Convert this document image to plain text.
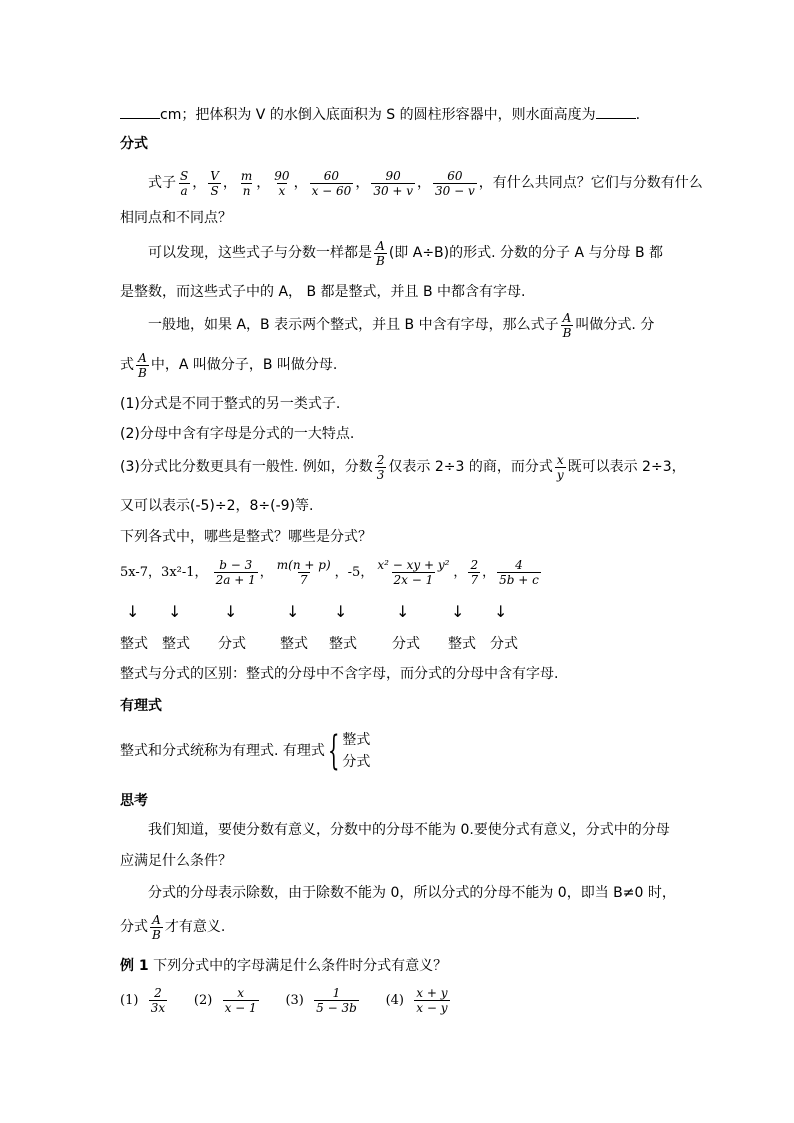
cm；把体积为 V 的水倒入底面积为 S 的圆柱形容器中，则水面高度为	.
分式
式子 $\frac{S}{a}$ ， $\frac{V}{S}$ ， $\frac{m}{n}$ ， $\frac{90}{x}$ ， $\frac{60}{x - 60}$ ， $\frac{90}{30 + v}$ ， $\frac{60}{30 - v}$ ，有什么共同点？它们与分数有什么
相同点和不同点？
可以发现，这些式子与分数一样都是 $\frac{A}{B}$ (即 A÷B)的形式. 分数的分子 A 与分母 B 都
是整数，而这些式子中的 A， B 都是整式，并且 B 中都含有字母.
一般地，如果 A，B 表示两个整式，并且 B 中含有字母，那么式子 $\frac{A}{B}$ 叫做分式. 分
式 $\frac{A}{B}$ 中，A 叫做分子，B 叫做分母.
(1)分式是不同于整式的另一类式子.
(2)分母中含有字母是分式的一大特点.
(3)分式比分数更具有一般性. 例如，分数 $\frac{2}{3}$ 仅表示 2÷3 的商，而分式 $\frac{x}{y}$ 既可以表示 2÷3，
又可以表示(-5)÷2，8÷(-9)等.
下列各式中，哪些是整式？哪些是分式？
5x-7，3x²-1， $\frac{b - 3}{2a + 1}$ ， $\frac{m(n + p)}{7}$ ，-5， $\frac{\text{x² − xy + y²}}{2x - 1}$ ， $\frac{2}{7}$ ， $\frac{4}{5b + c}$
↓ ↓	↓	↓ ↓	↓	↓ ↓
整式 整式 分式 整式 整式	分式 整式 分式
整式与分式的区别：整式的分母中不含字母，而分式的分母中含有字母.
有理式
整式和分式统称为有理式. 有理式{ 整式
分式
思考
我们知道，要使分数有意义，分数中的分母不能为 0.要使分式有意义，分式中的分母
应满足什么条件？
分式的分母表示除数，由于除数不能为 0，所以分式的分母不能为 0，即当 B≠0 时，
分式 $\frac{A}{B}$ 才有意义.
例 1 下列分式中的字母满足什么条件时分式有意义？
$(1) \frac{2}{3x} (2) \frac{x}{x - 1} (3) \frac{1}{5 - 3b} (4) \frac{x + y}{x - y}$
